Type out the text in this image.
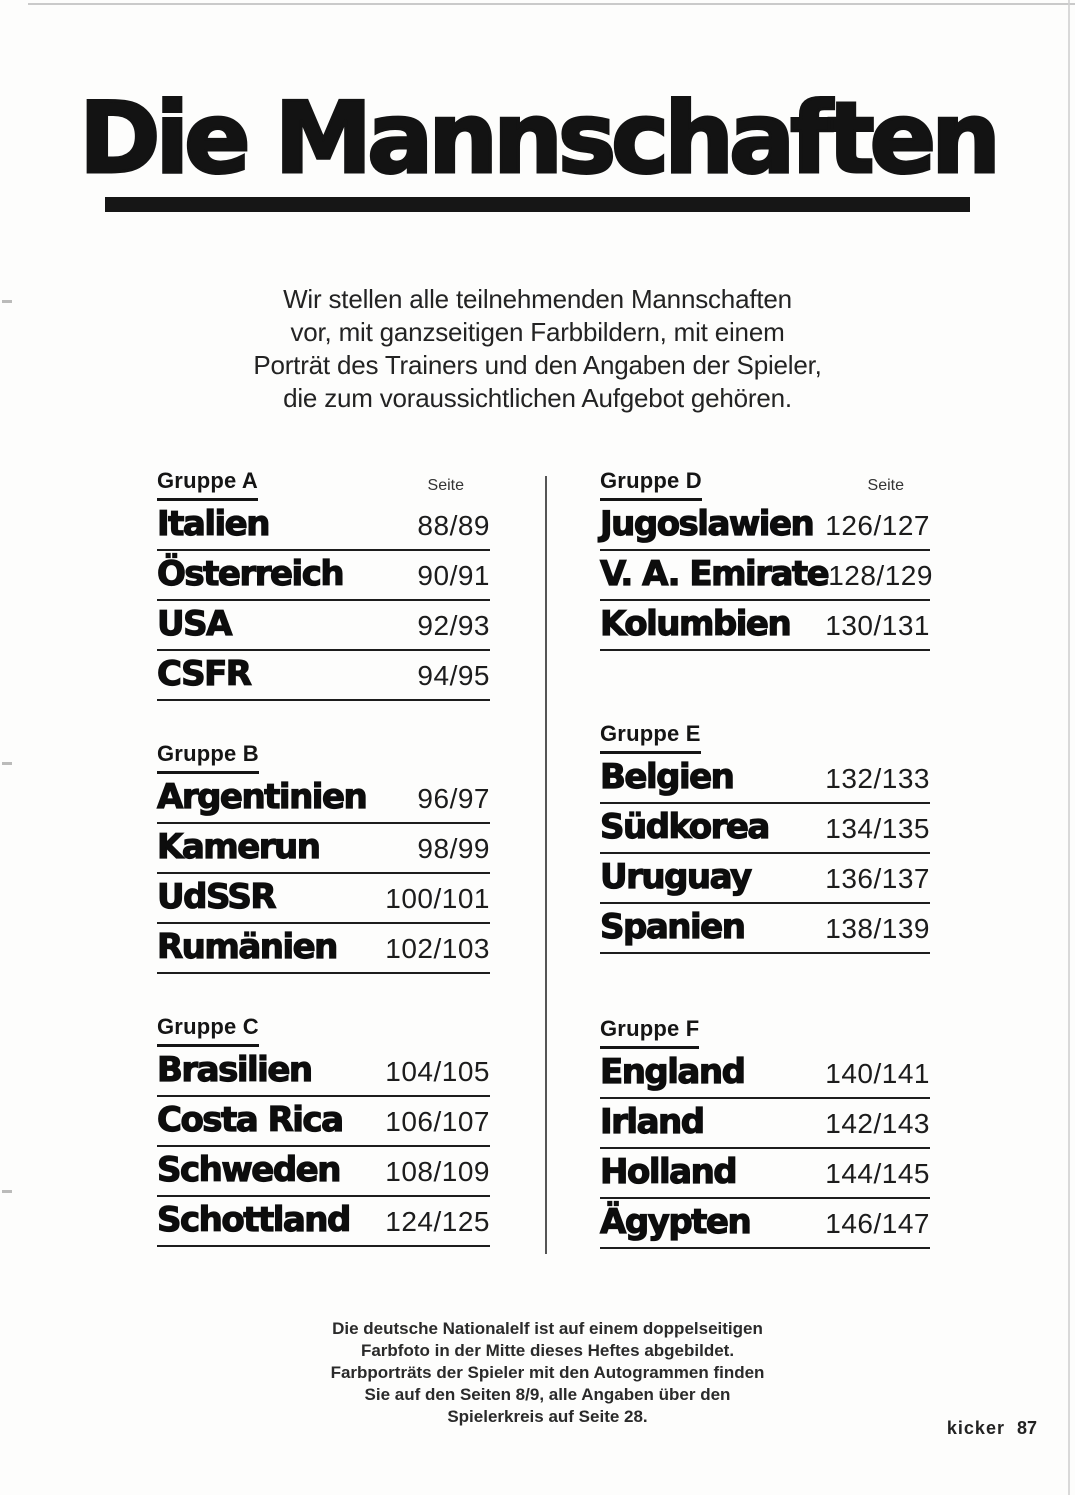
Die Mannschaften
Wir stellen alle teilnehmenden Mannschaften
vor, mit ganzseitigen Farbbildern, mit einem
Porträt des Trainers und den Angaben der Spieler,
die zum voraussichtlichen Aufgebot gehören.
Gruppe A	Seite
Italien	88/89
Österreich	90/91
USA	92/93
CSFR	94/95
Gruppe B
Argentinien 96/97
Kamerun	98/99
UdSSR	100/101
Rumänien 102/103
Gruppe C
Brasilien	104/105
Costa Rica 106/107
Schweden 108/109
Schottland 124/125
Gruppe D	Seite
Jugoslawien 126/127
V. A. Emirate 128/129
Kolumbien 130/131
Gruppe E
Belgien	132/133
Südkorea 134/135
Uruguay	136/137
Spanien	138/139
Gruppe F
England	140/141
Irland	142/143
Holland	144/145
Ägypten	146/147
Die deutsche Nationalelf ist auf einem doppelseitigen
Farbfoto in der Mitte dieses Heftes abgebildet.
Farbporträts der Spieler mit den Autogrammen finden
Sie auf den Seiten 8/9, alle Angaben über den
Spielerkreis auf Seite 28.
kicker 87
